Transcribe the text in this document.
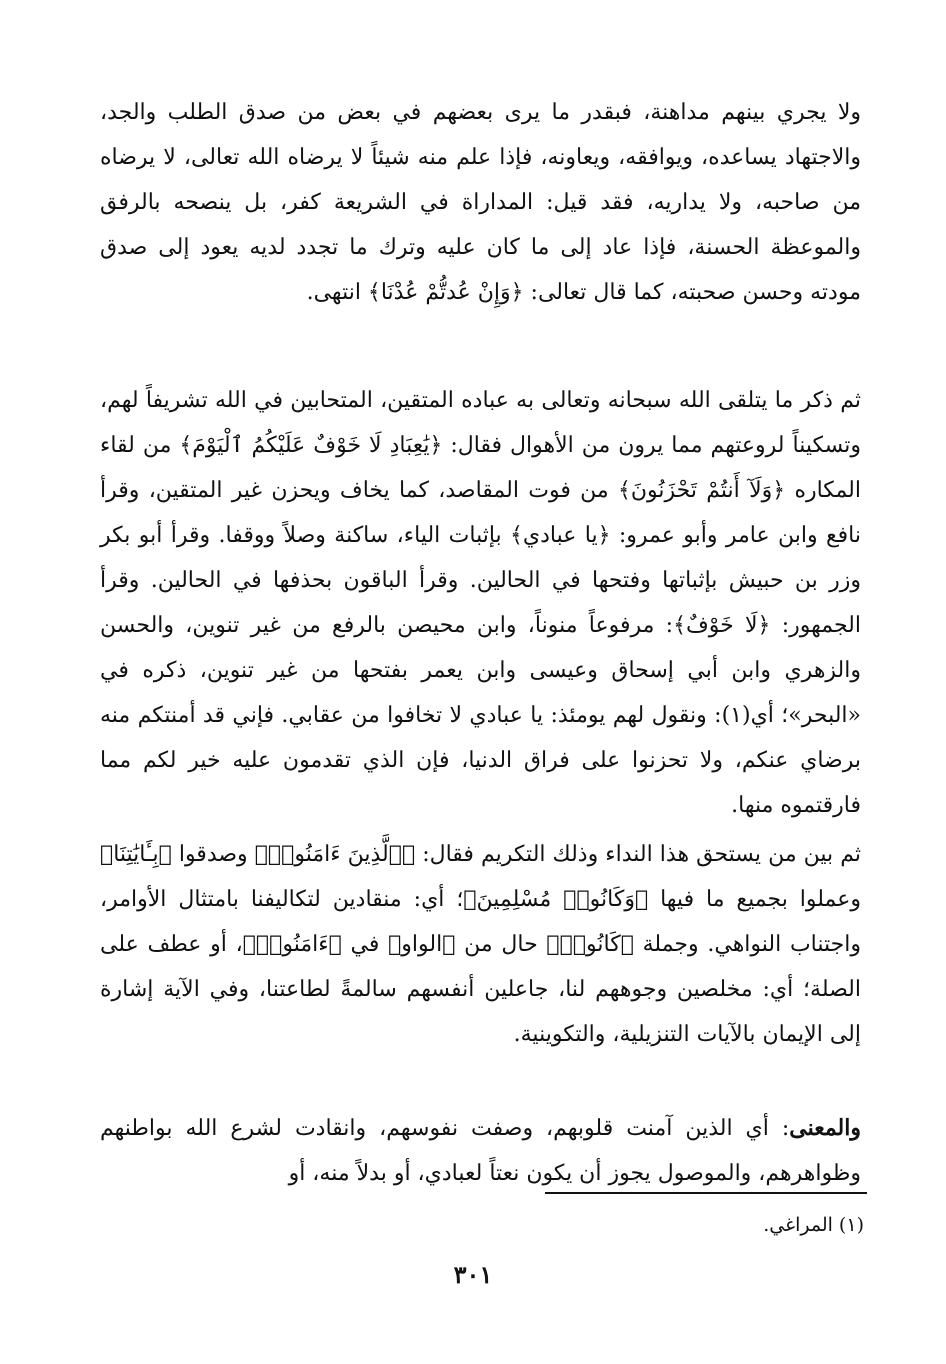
ولا يجري بينهم مداهنة، فبقدر ما يرى بعضهم في بعض من صدق الطلب والجد، والاجتهاد يساعده، ويوافقه، ويعاونه، فإذا علم منه شيئاً لا يرضاه الله تعالى، لا يرضاه من صاحبه، ولا يداريه، فقد قيل: المداراة في الشريعة كفر، بل ينصحه بالرفق والموعظة الحسنة، فإذا عاد إلى ما كان عليه وترك ما تجدد لديه يعود إلى صدق مودته وحسن صحبته، كما قال تعالى: ﴿وَإِنْ عُدتُّمْ عُدْنَا﴾ انتهى.

ثم ذكر ما يتلقى الله سبحانه وتعالى به عباده المتقين، المتحابين في الله تشريفاً لهم، وتسكيناً لروعتهم مما يرون من الأهوال فقال: ﴿يَٰعِبَادِ لَا خَوْفٌ عَلَيْكُمُ ٱلْيَوْمَ﴾ من لقاء المكاره ﴿وَلَآ أَنتُمْ تَحْزَنُونَ﴾ من فوت المقاصد، كما يخاف ويحزن غير المتقين، وقرأ نافع وابن عامر وأبو عمرو: ﴿يا عبادي﴾ بإثبات الياء، ساكنة وصلاً ووقفا. وقرأ أبو بكر وزر بن حبيش بإثباتها وفتحها في الحالين. وقرأ الباقون بحذفها في الحالين. وقرأ الجمهور: ﴿لَا خَوْفٌ﴾: مرفوعاً منوناً، وابن محيصن بالرفع من غير تنوين، والحسن والزهري وابن أبي إسحاق وعيسى وابن يعمر بفتحها من غير تنوين، ذكره في «البحر»؛ أي(١): ونقول لهم يومئذ: يا عبادي لا تخافوا من عقابي. فإني قد أمنتكم منه برضاي عنكم، ولا تحزنوا على فراق الدنيا، فإن الذي تقدمون عليه خير لكم مما فارقتموه منها.

ثم بين من يستحق هذا النداء وذلك التكريم فقال: ﴿ٱلَّذِينَ ءَامَنُوا۟﴾ وصدقوا ﴿بِـَٔايَٰتِنَا﴾ وعملوا بجميع ما فيها ﴿وَكَانُوا۟ مُسْلِمِينَ﴾؛ أي: منقادين لتكاليفنا بامتثال الأوامر، واجتناب النواهي. وجملة ﴿كَانُوا۟﴾ حال من ﴿الواو﴾ في ﴿ءَامَنُوا۟﴾، أو عطف على الصلة؛ أي: مخلصين وجوههم لنا، جاعلين أنفسهم سالمةً لطاعتنا، وفي الآية إشارة إلى الإيمان بالآيات التنزيلية، والتكوينية.

والمعنى: أي الذين آمنت قلوبهم، وصفت نفوسهم، وانقادت لشرع الله بواطنهم وظواهرهم، والموصول يجوز أن يكون نعتاً لعبادي، أو بدلاً منه، أو

(١) المراغي.
٣٠١
